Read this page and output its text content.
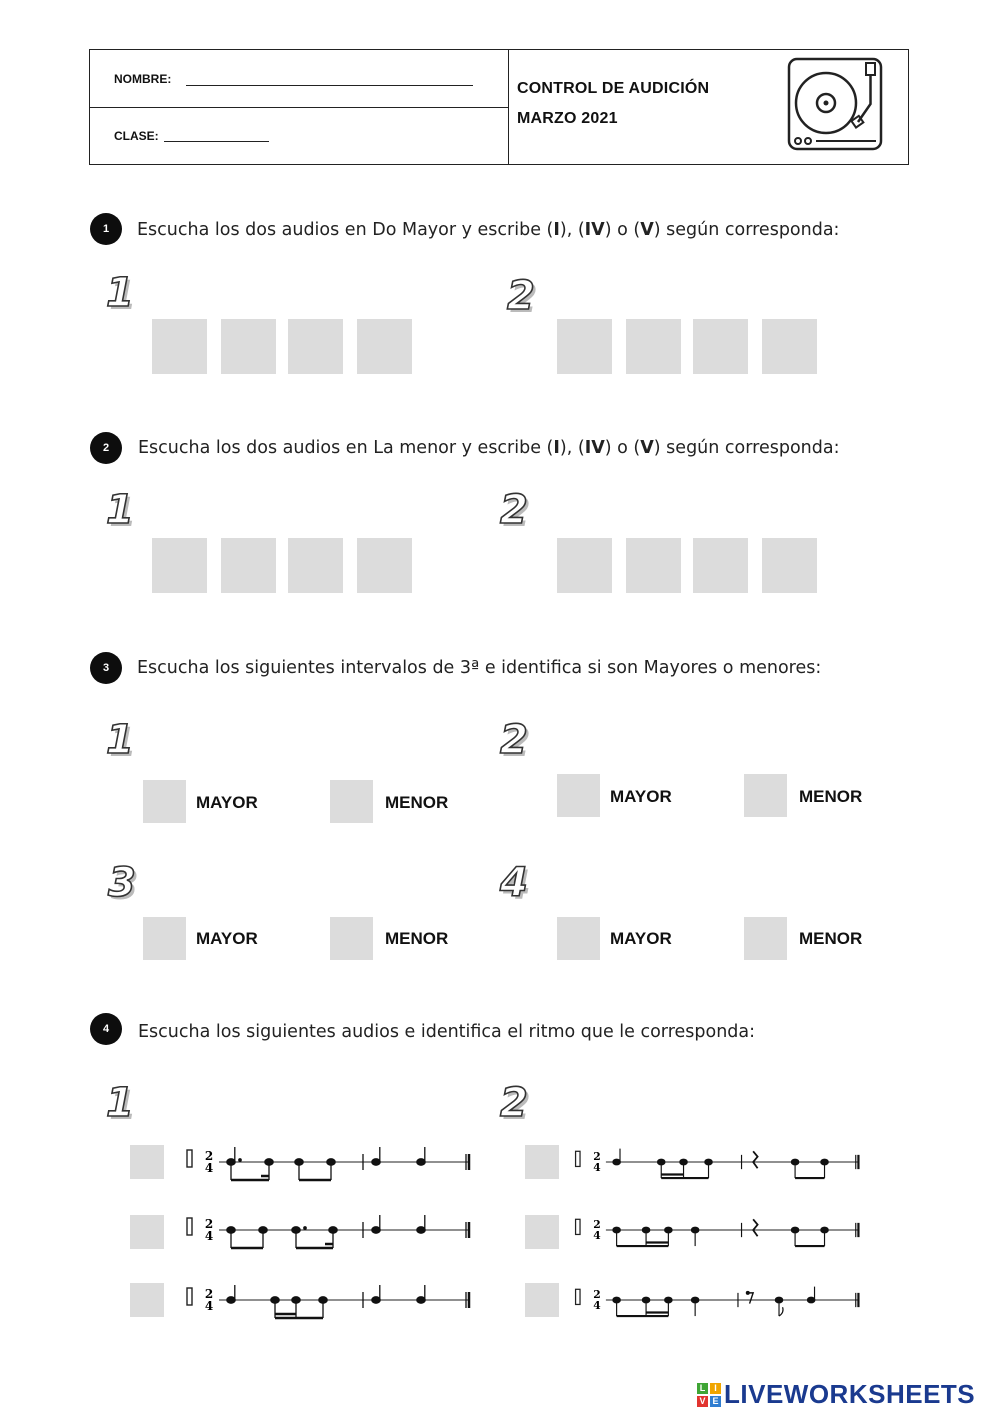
NOMBRE:
CLASE:
CONTROL DE AUDICIÓN
MARZO 2021
1	Escucha los dos audios en Do Mayor y escribe (I), (IV) o (V) según corresponda:
1	2
2	Escucha los dos audios en La menor y escribe (I), (IV) o (V) según corresponda:
1	2
3	Escucha los siguientes intervalos de 3ª e identifica si son Mayores o menores:
1
MAYOR	MENOR
2
MAYOR	MENOR
3
MAYOR	MENOR
4
MAYOR	MENOR
4	Escucha los siguientes audios e identifica el ritmo que le corresponda:
1	2
2
4
2
4
2
4
2
4
2
4
2
4
L I
V E LIVEWORKSHEETS
